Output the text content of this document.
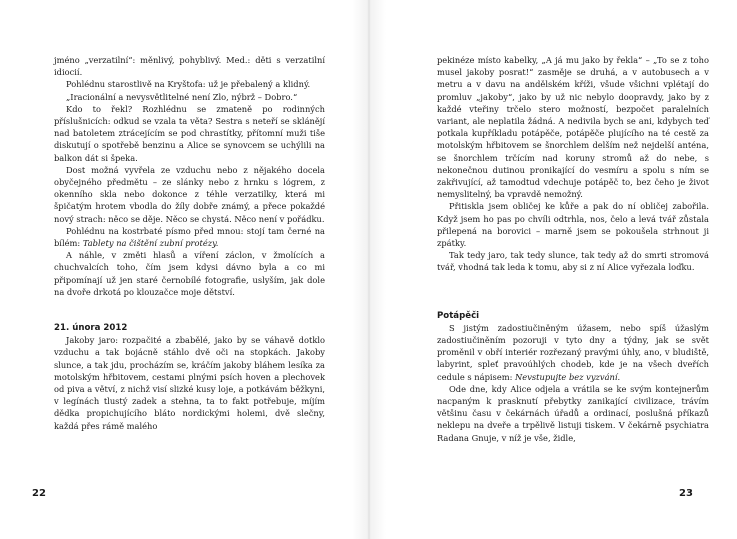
jméno „verzatilní“: měnlivý, pohyblivý. Med.: děti s verzatilní idiocií.

Pohlédnu starostlivě na Kryštofa: už je přebalený a klidný.

„Iracionální a nevysvětlitelné není Zlo, nýbrž – Dobro.“

Kdo to řekl? Rozhlédnu se zmateně po rodinných příslušnicích: odkud se vzala ta věta? Sestra s neteří se sklánějí nad batoletem ztrácejícím se pod chrastítky, přítomní muži tiše diskutují o spotřebě benzinu a Alice se synovcem se uchýlili na balkon dát si špeka.

Dost možná vyvřela ze vzduchu nebo z nějakého docela obyčejného předmětu – ze slánky nebo z hrnku s lógrem, z okenního skla nebo dokonce z téhle verzatilky, která mi špičatým hrotem vbodla do žíly dobře známý, a přece pokaždé nový strach: něco se děje. Něco se chystá. Něco není v pořádku.

Pohlédnu na kostrbaté písmo před mnou: stojí tam černé na bílém: Tablety na čištění zubní protézy.

A náhle, v změti hlasů a víření záclon, v žmolících a chuchvalcích toho, čím jsem kdysi dávno byla a co mi připomínají už jen staré černobílé fotografie, uslyším, jak dole na dvoře drkotá po klouzačce moje dětství.

21. února 2012

Jakoby jaro: rozpačité a zbabělé, jako by se váhavě dotklo vzduchu a tak bojácně stáhlo dvě oči na stopkách. Jakoby slunce, a tak jdu, procházím se, kráčím jakoby bláhem lesíka za motolským hřbitovem, cestami plnými psích hoven a plechovek od piva a větví, z nichž visí slizké kusy loje, a potkávám běžkyni, v legínách tlustý zadek a stehna, ta to fakt potřebuje, míjím dědka propichujícího bláto nordickými holemi, dvě slečny, každá přes rámě malého

22

pekinéze místo kabelky, „A já mu jako by řekla“ – „To se z toho musel jakoby posrat!“ zasměje se druhá, a v autobusech a v metru a v davu na andělském kříži, všude všichni vplétají do promluv „jakoby“, jako by už nic nebylo doopravdy, jako by z každé vteřiny trčelo stero možností, bezpočet paralelních variant, ale neplatila žádná. A nedivila bych se ani, kdybych teď potkala kupříkladu potápěče, potápěče plujícího na té cestě za motolským hřbitovem se šnorchlem delším než nejdelší anténa, se šnorchlem trčícím nad koruny stromů až do nebe, s nekonečnou dutinou pronikající do vesmíru a spolu s ním se zakřivující, až tamodtud vdechuje potápěč to, bez čeho je život nemyslitelný, ba vpravdě nemožný.

Přitiskla jsem obličej ke kůře a pak do ní obličej zabořila. Když jsem ho pas po chvíli odtrhla, nos, čelo a levá tvář zůstala přilepená na borovici – marně jsem se pokoušela strhnout ji zpátky.

Tak tedy jaro, tak tedy slunce, tak tedy až do smrti stromová tvář, vhodná tak leda k tomu, aby si z ní Alice vyřezala loďku.

Potápěči

S jistým zadostiučiněným úžasem, nebo spíš úžaslým zadostiučiněním pozoruji v tyto dny a týdny, jak se svět proměnil v obří interiér rozřezaný pravými úhly, ano, v bludiště, labyrint, spleť pravoúhlých chodeb, kde je na všech dveřích cedule s nápisem: Nevstupujte bez vyzvání.

Ode dne, kdy Alice odjela a vrátila se ke svým kontejnerům nacpaným k prasknutí přebytky zanikající civilizace, trávím většinu času v čekárnách úřadů a ordinací, poslušná příkazů neklepu na dveře a trpělivě listuji tiskem. V čekárně psychiatra Radana Gnuje, v níž je vše, židle,

23
